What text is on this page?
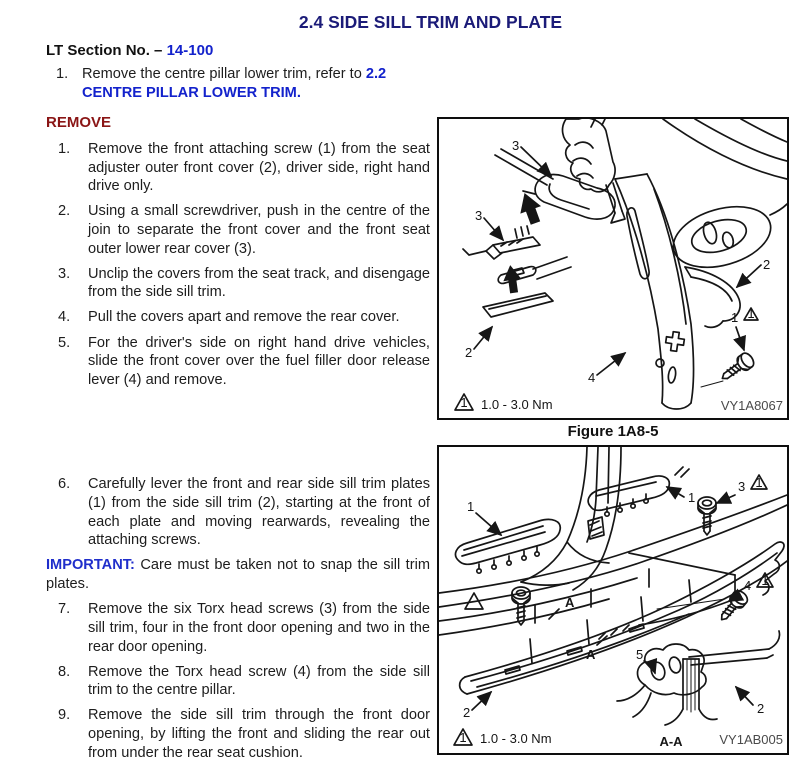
2.4 SIDE SILL TRIM AND PLATE
LT Section No. – 14-100
1. Remove the centre pillar lower trim, refer to 2.2 CENTRE PILLAR LOWER TRIM.
REMOVE
1.	Remove the front attaching screw (1) from the seat adjuster outer front cover (2), driver side, right hand drive only.
2.	Using a small screwdriver, push in the centre of the join to separate the front cover and the front seat outer lower rear cover (3).
3.	Unclip the covers from the seat track, and disengage from the side sill trim.
4.	Pull the covers apart and remove the rear cover.
5.	For the driver's side on right hand drive vehicles, slide the front cover over the fuel filler door release lever (4) and remove.
6.	Carefully lever the front and rear side sill trim plates (1) from the side sill trim (2), starting at the front of each plate and moving rearwards, revealing the attaching screws.
IMPORTANT: Care must be taken not to snap the sill trim plates.
7.	Remove the six Torx head screws (3) from the side sill trim, four in the front door opening and two in the rear door opening.
8.	Remove the Torx head screw (4) from the side sill trim to the centre pillar.
9.	Remove the side sill trim through the front door opening, by lifting the front and sliding the rear out from under the rear seat cushion.
3
3
2
2
4
1 1
1 1.0 - 3.0 Nm	VY1A8067
Figure 1A8-5
1
1
3 1
4 1
5
2	2
A
A
1 1.0 - 3.0 Nm	A-A	VY1AB005
